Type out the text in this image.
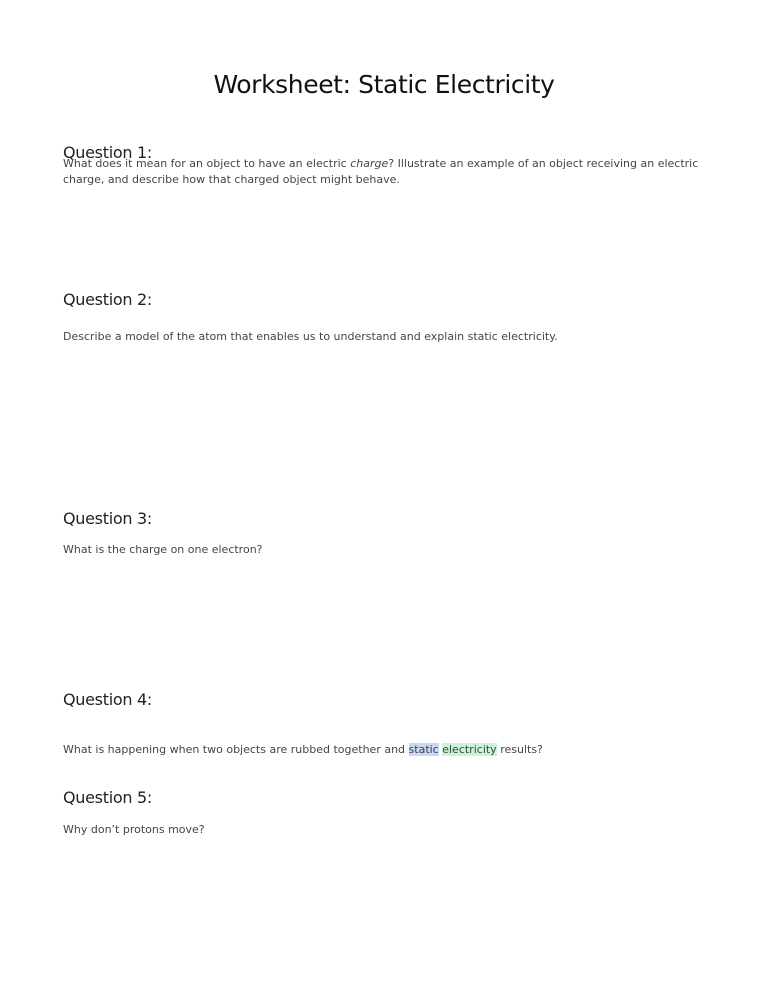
Worksheet: Static Electricity
Question 1:
What does it mean for an object to have an electric charge? Illustrate an example of an object receiving an electric charge, and describe how that charged object might behave.
Question 2:
Describe a model of the atom that enables us to understand and explain static electricity.
Question 3:
What is the charge on one electron?
Question 4:
What is happening when two objects are rubbed together and static electricity results?
Question 5:
Why don’t protons move?
